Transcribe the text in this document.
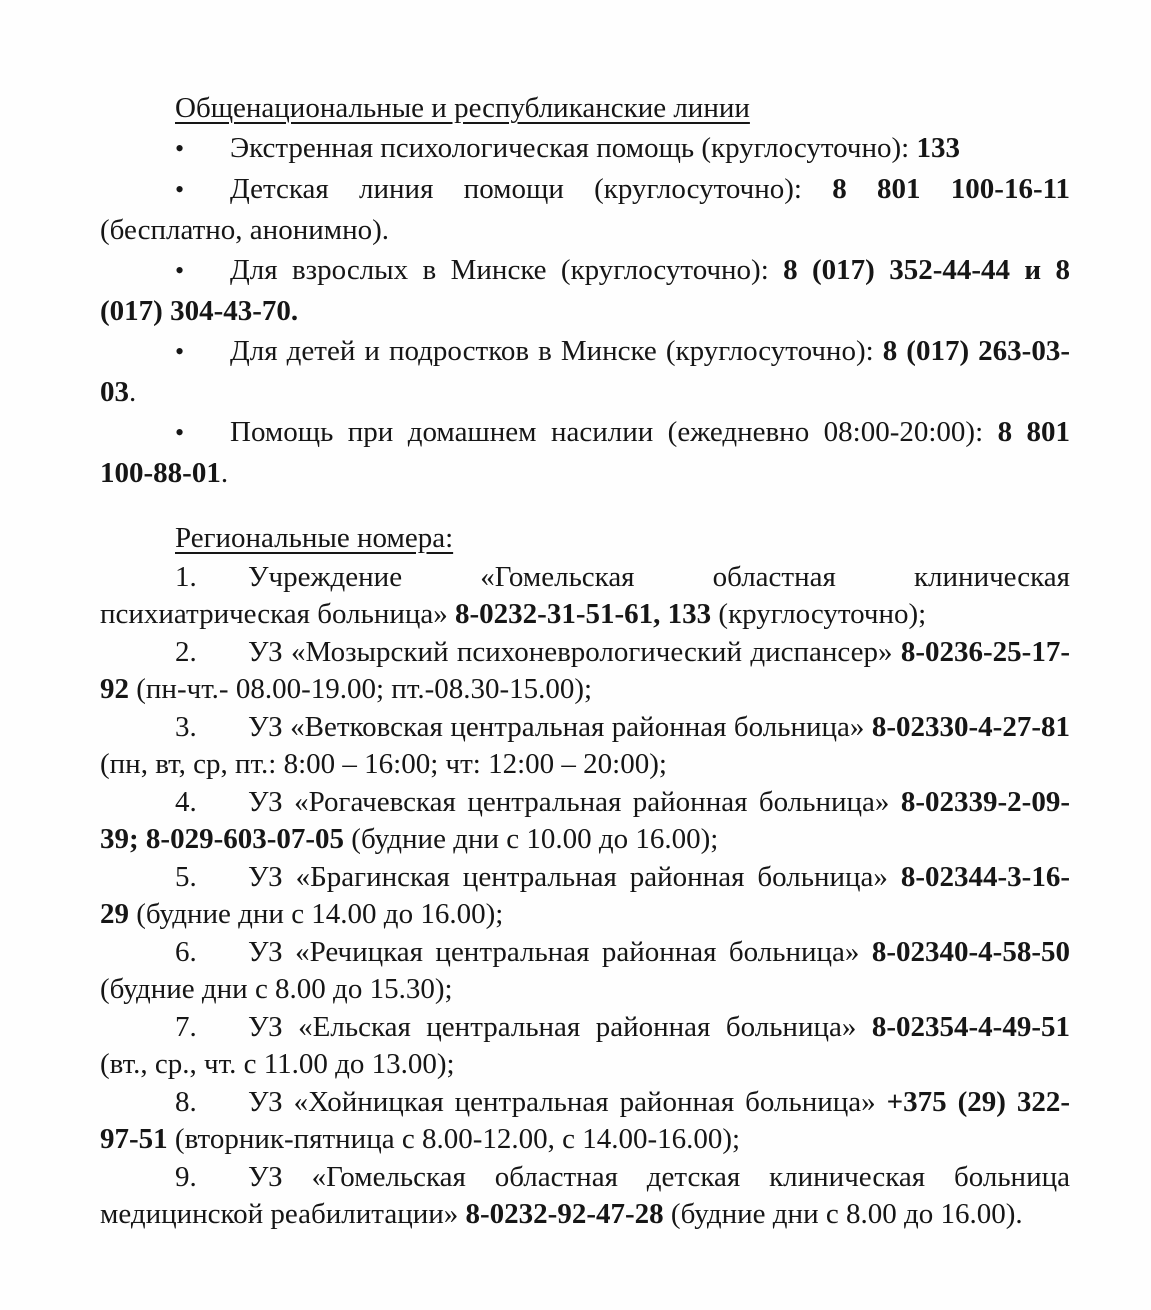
Общенациональные и республиканские линии

• Экстренная психологическая помощь (круглосуточно): 133

• Детская линия помощи (круглосуточно): 8 801 100-16-11 (бесплатно, анонимно).

• Для взрослых в Минске (круглосуточно): 8 (017) 352-44-44 и 8 (017) 304-43-70.

• Для детей и подростков в Минске (круглосуточно): 8 (017) 263-03-03.

• Помощь при домашнем насилии (ежедневно 08:00-20:00): 8 801 100-88-01.

Региональные номера:

1. Учреждение «Гомельская областная клиническая психиатрическая больница» 8-0232-31-51-61, 133 (круглосуточно);

2. УЗ «Мозырский психоневрологический диспансер» 8-0236-25-17-92 (пн-чт.- 08.00-19.00; пт.-08.30-15.00);

3. УЗ «Ветковская центральная районная больница» 8-02330-4-27-81 (пн, вт, ср, пт.: 8:00 – 16:00; чт: 12:00 – 20:00);

4. УЗ «Рогачевская центральная районная больница» 8-02339-2-09-39; 8-029-603-07-05 (будние дни с 10.00 до 16.00);

5. УЗ «Брагинская центральная районная больница» 8-02344-3-16-29 (будние дни с 14.00 до 16.00);

6. УЗ «Речицкая центральная районная больница» 8-02340-4-58-50 (будние дни с 8.00 до 15.30);

7. УЗ «Ельская центральная районная больница» 8-02354-4-49-51 (вт., ср., чт. с 11.00 до 13.00);

8. УЗ «Хойницкая центральная районная больница» +375 (29) 322-97-51 (вторник-пятница с 8.00-12.00, с 14.00-16.00);

9. УЗ «Гомельская областная детская клиническая больница медицинской реабилитации» 8-0232-92-47-28 (будние дни с 8.00 до 16.00).
